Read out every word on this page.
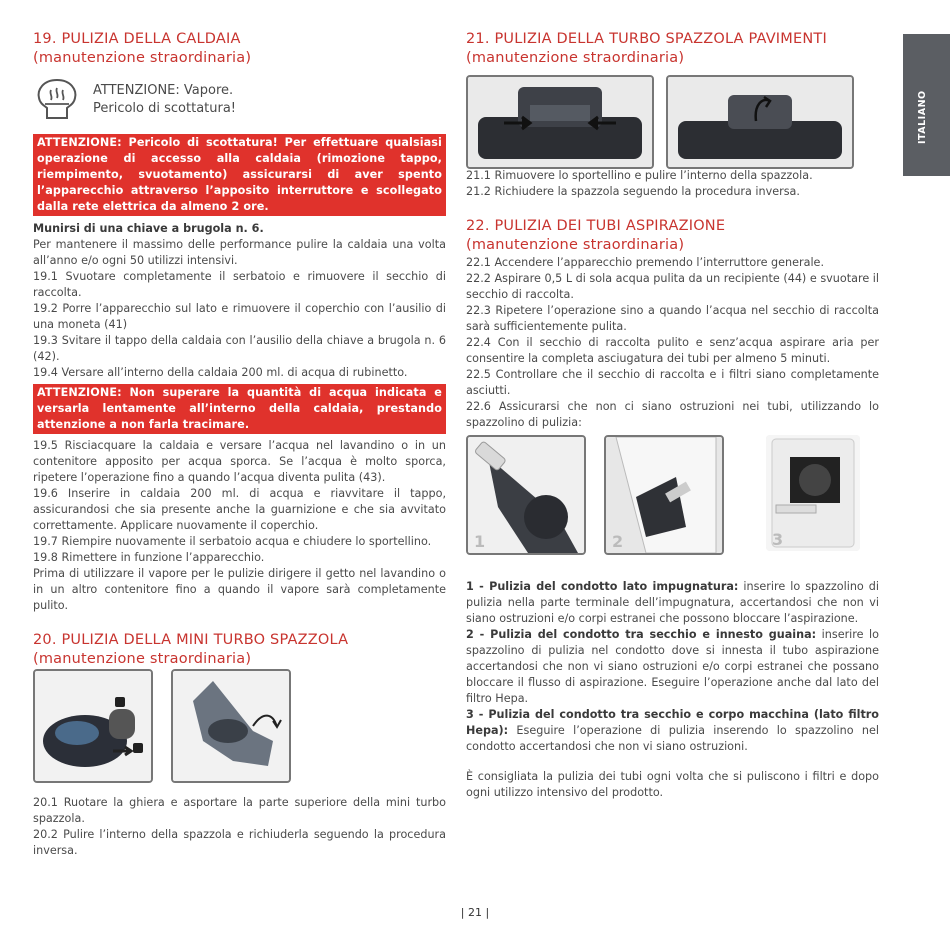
ITALIANO
19. PULIZIA DELLA CALDAIA
(manutenzione straordinaria)
ATTENZIONE: Vapore.
Pericolo di scottatura!
ATTENZIONE: Pericolo di scottatura! Per effettuare qualsiasi operazione di accesso alla caldaia (rimozione tappo, riempimento, svuotamento) assicurarsi di aver spento l’apparecchio attraverso l’apposito interruttore e scollegato dalla rete elettrica da almeno 2 ore.

Munirsi di una chiave a brugola n. 6.

Per mantenere il massimo delle performance pulire la caldaia una volta all’anno e/o ogni 50 utilizzi intensivi.

19.1 Svuotare completamente il serbatoio e rimuovere il secchio di raccolta.

19.2 Porre l’apparecchio sul lato e rimuovere il coperchio con l’ausilio di una moneta (41)

19.3 Svitare il tappo della caldaia con l’ausilio della chiave a brugola n. 6 (42).

19.4 Versare all’interno della caldaia 200 ml. di acqua di rubinetto.

ATTENZIONE: Non superare la quantità di acqua indicata e versarla lentamente all’interno della caldaia, prestando attenzione a non farla tracimare.

19.5 Risciacquare la caldaia e versare l’acqua nel lavandino o in un contenitore apposito per acqua sporca. Se l’acqua è molto sporca, ripetere l’operazione fino a quando l’acqua diventa pulita (43).

19.6 Inserire in caldaia 200 ml. di acqua e riavvitare il tappo, assicurandosi che sia presente anche la guarnizione e che sia avvitato correttamente. Applicare nuovamente il coperchio.

19.7 Riempire nuovamente il serbatoio acqua e chiudere lo sportellino.

19.8 Rimettere in funzione l’apparecchio.

Prima di utilizzare il vapore per le pulizie dirigere il getto nel lavandino o in un altro contenitore fino a quando il vapore sarà completamente pulito.

20. PULIZIA DELLA MINI TURBO SPAZZOLA
(manutenzione straordinaria)

20.1 Ruotare la ghiera e asportare la parte superiore della mini turbo spazzola.

20.2 Pulire l’interno della spazzola e richiuderla seguendo la procedura inversa.

21. PULIZIA DELLA TURBO SPAZZOLA PAVIMENTI
(manutenzione straordinaria)

21.1 Rimuovere lo sportellino e pulire l’interno della spazzola.

21.2 Richiudere la spazzola seguendo la procedura inversa.

22. PULIZIA DEI TUBI ASPIRAZIONE
(manutenzione straordinaria)

22.1 Accendere l’apparecchio premendo l’interruttore generale.

22.2 Aspirare 0,5 L di sola acqua pulita da un recipiente (44) e svuotare il secchio di raccolta.

22.3 Ripetere l’operazione sino a quando l’acqua nel secchio di raccolta sarà sufficientemente pulita.

22.4 Con il secchio di raccolta pulito e senz’acqua aspirare aria per consentire la completa asciugatura dei tubi per almeno 5 minuti.

22.5 Controllare che il secchio di raccolta e i filtri siano completamente asciutti.

22.6 Assicurarsi che non ci siano ostruzioni nei tubi, utilizzando lo spazzolino di pulizia:

1	2	3

1 - Pulizia del condotto lato impugnatura: inserire lo spazzolino di pulizia nella parte terminale dell’impugnatura, accertandosi che non vi siano ostruzioni e/o corpi estranei che possono bloccare l’aspirazione.

2 - Pulizia del condotto tra secchio e innesto guaina: inserire lo spazzolino di pulizia nel condotto dove si innesta il tubo aspirazione accertandosi che non vi siano ostruzioni e/o corpi estranei che possano bloccare il flusso di aspirazione. Eseguire l’operazione anche dal lato del filtro Hepa.

3 - Pulizia del condotto tra secchio e corpo macchina (lato filtro Hepa): Eseguire l’operazione di pulizia inserendo lo spazzolino nel condotto accertandosi che non vi siano ostruzioni.

È consigliata la pulizia dei tubi ogni volta che si puliscono i filtri e dopo ogni utilizzo intensivo del prodotto.

| 21 |
